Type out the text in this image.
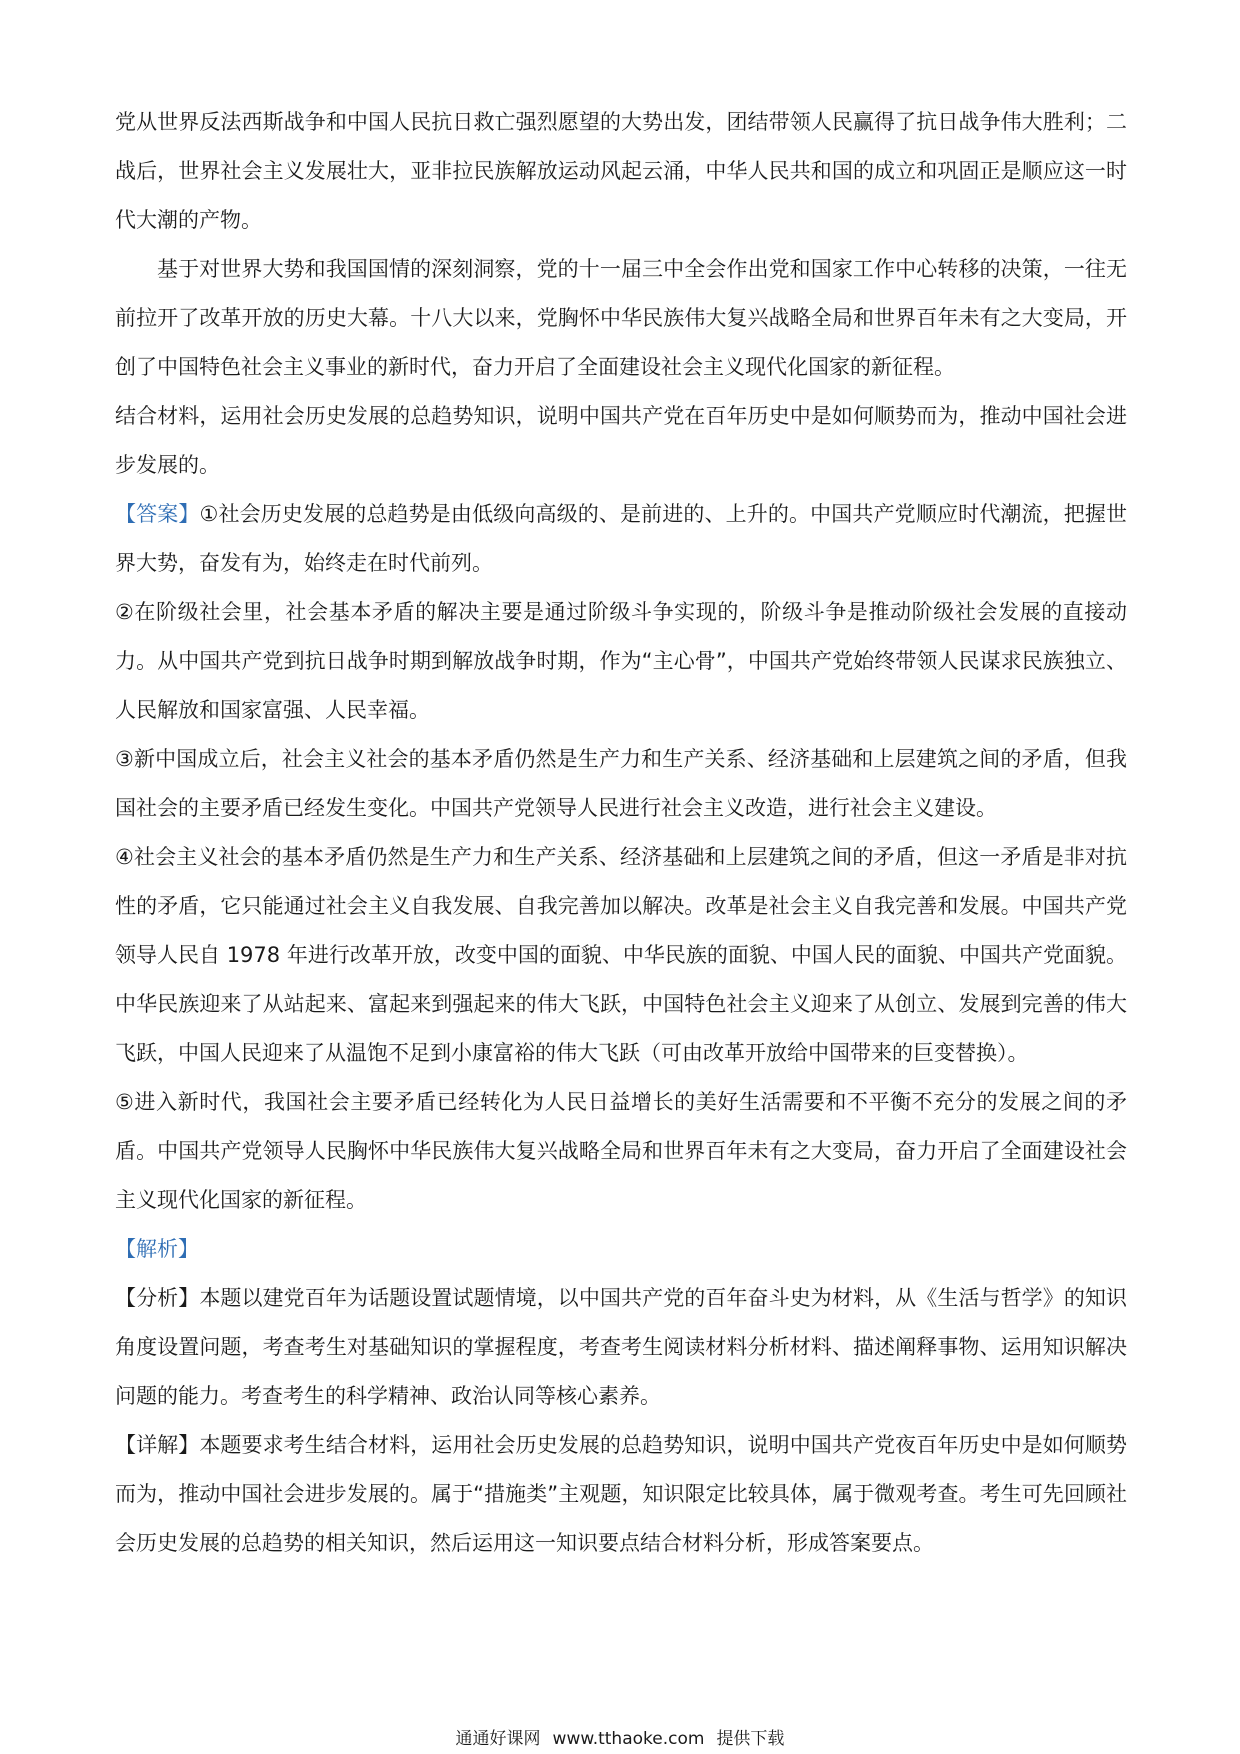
党从世界反法西斯战争和中国人民抗日救亡强烈愿望的大势出发，团结带领人民赢得了抗日战争伟大胜利；二战后，世界社会主义发展壮大，亚非拉民族解放运动风起云涌，中华人民共和国的成立和巩固正是顺应这一时代大潮的产物。

基于对世界大势和我国国情的深刻洞察，党的十一届三中全会作出党和国家工作中心转移的决策，一往无前拉开了改革开放的历史大幕。十八大以来，党胸怀中华民族伟大复兴战略全局和世界百年未有之大变局，开创了中国特色社会主义事业的新时代，奋力开启了全面建设社会主义现代化国家的新征程。

结合材料，运用社会历史发展的总趋势知识，说明中国共产党在百年历史中是如何顺势而为，推动中国社会进步发展的。

【答案】①社会历史发展的总趋势是由低级向高级的、是前进的、上升的。中国共产党顺应时代潮流，把握世界大势，奋发有为，始终走在时代前列。

②在阶级社会里，社会基本矛盾的解决主要是通过阶级斗争实现的，阶级斗争是推动阶级社会发展的直接动力。从中国共产党到抗日战争时期到解放战争时期，作为“主心骨”，中国共产党始终带领人民谋求民族独立、人民解放和国家富强、人民幸福。

③新中国成立后，社会主义社会的基本矛盾仍然是生产力和生产关系、经济基础和上层建筑之间的矛盾，但我国社会的主要矛盾已经发生变化。中国共产党领导人民进行社会主义改造，进行社会主义建设。

④社会主义社会的基本矛盾仍然是生产力和生产关系、经济基础和上层建筑之间的矛盾，但这一矛盾是非对抗性的矛盾，它只能通过社会主义自我发展、自我完善加以解决。改革是社会主义自我完善和发展。中国共产党领导人民自 1978 年进行改革开放，改变中国的面貌、中华民族的面貌、中国人民的面貌、中国共产党面貌。中华民族迎来了从站起来、富起来到强起来的伟大飞跃，中国特色社会主义迎来了从创立、发展到完善的伟大飞跃，中国人民迎来了从温饱不足到小康富裕的伟大飞跃（可由改革开放给中国带来的巨变替换）。

⑤进入新时代，我国社会主要矛盾已经转化为人民日益增长的美好生活需要和不平衡不充分的发展之间的矛盾。中国共产党领导人民胸怀中华民族伟大复兴战略全局和世界百年未有之大变局，奋力开启了全面建设社会主义现代化国家的新征程。

【解析】

【分析】本题以建党百年为话题设置试题情境，以中国共产党的百年奋斗史为材料，从《生活与哲学》的知识角度设置问题，考查考生对基础知识的掌握程度，考查考生阅读材料分析材料、描述阐释事物、运用知识解决问题的能力。考查考生的科学精神、政治认同等核心素养。

【详解】本题要求考生结合材料，运用社会历史发展的总趋势知识，说明中国共产党夜百年历史中是如何顺势而为，推动中国社会进步发展的。属于“措施类”主观题，知识限定比较具体，属于微观考查。考生可先回顾社会历史发展的总趋势的相关知识，然后运用这一知识要点结合材料分析，形成答案要点。

通通好课网 www.tthaoke.com 提供下载
